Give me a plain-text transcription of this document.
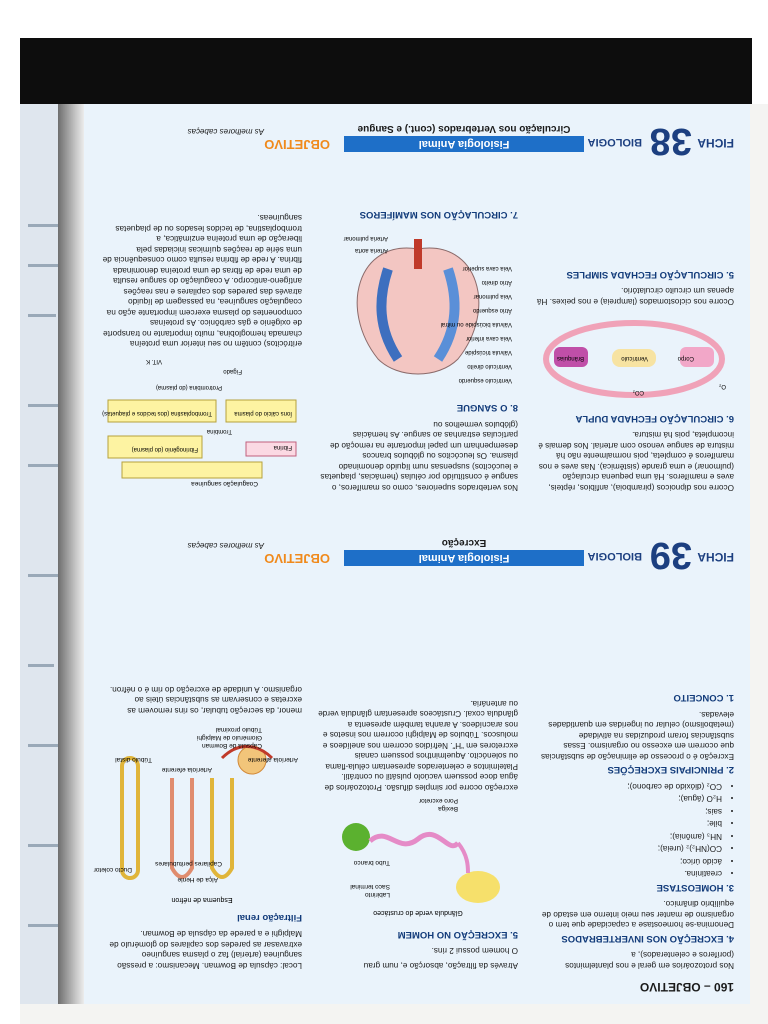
160 – OBJETIVO

Nos protozoários em geral e nos plantelmintos (poríferos e celenterados), a

4. EXCREÇÃO NOS INVERTEBRADOS

Denomina-se homeostase a capacidade que tem o organismo de manter seu meio interno em estado de equilíbrio dinâmico.

3. HOMEOSTASE
• creatinina.
• ácido úrico;
• CO(NH₂)₂ (ureia);
• NH₃ (amônia);
• bile;
• sais;
• H₂O (água);
• CO₂ (dióxido de carbono);
2. PRINCIPAIS EXCREÇÕES

Excreção é o processo de eliminação de substâncias que ocorrem em excesso no organismo. Essas substâncias foram produzidas na atividade (metabolismo) celular ou ingeridas em quantidades elevadas.

1. CONCEITO

Através da filtração, absorção e, num grau

O homem possui 2 rins.

5. EXCREÇÃO NO HOMEM
Glândula verde do crustáceo
Labirinto
Saco terminal
Tubo branco
Bexiga
Poro excretor

excreção ocorre por simples difusão. Protozoários de água doce possuem vacúolo pulsátil ou contrátil. Platelmintos e celenterados apresentam célula-flama ou solenócito. Aquelminthos possuem canais excretores em “H”. Nefrídios ocorrem nos anelídeos e moluscos. Túbulos de Malpighi ocorrem nos insetos e nos aracnídeos. A aranha também apresenta a glândula coxal. Crustáceos apresentam glândula verde ou antenária.

Local: cápsula de Bowman. Mecanismo: a pressão sanguínea (arterial) faz o plasma sanguíneo extravasar as paredes dos capilares do glomérulo de Malpighi e a parede da cápsula de Bowman.

Filtração renal
Esquema de néfron
Alça de Henle
Capilares peritubulares
Ducto coletor
Arteríola aferente
Arteríola eferente
Cápsula de Bowman
Glomérulo de Malpighi
Túbulo proximal
Túbulo distal

menor, da secreção tubular, os rins removem as excretas e conservam as substâncias úteis ao organismo. A unidade de excreção do rim é o néfron.

FICHA
39
BIOLOGIA
Fisiologia Animal
OBJETIVO
As melhores cabeças	Excreção

Ocorre nos dipnoicos (piramboia), anfíbios, répteis, aves e mamíferos. Há uma pequena circulação (pulmonar) e uma grande (sistêmica). Nas aves e nos mamíferos é completa, pois normalmente não há mistura de sangue venoso com arterial. Nos demais é incompleta, pois há mistura.

6. CIRCULAÇÃO FECHADA DUPLA
Corpo
Brânquias	Ventrículo
CO₂
O₂

Ocorre nos ciclostomados (lampreia) e nos peixes. Há apenas um circuito circulatório.

5. CIRCULAÇÃO FECHADA SIMPLES

Nos vertebrados superiores, como os mamíferos, o sangue é constituído por células (hemácias, plaquetas e leucócitos) suspensas num líquido denominado plasma. Os leucócitos ou glóbulos brancos desempenham um papel importante na remoção de partículas estranhas ao sangue. As hemácias (glóbulos vermelhos ou

8. O SANGUE
Ventrículo esquerdo
Ventrículo direito
Válvula tricúspide
Veia cava inferior
Válvula bicúspide ou mitral
Átrio esquerdo
Veia pulmonar
Átrio direito
Veia cava superior
Arteria aorta
Arteria pulmonar
7. CIRCULAÇÃO NOS MAMÍFEROS
Coagulação sanguínea
Fibrina
Fibrinogênio (do plasma)
Trombina
Íons cálcio do plasma
Tromboplastina (dos tecidos e plaquetas)
Protrombina (do plasma)
Fígado
VIT. K

eritrócitos) contêm no seu interior uma proteína chamada hemoglobina, muito importante no transporte de oxigênio e gás carbônico. As proteínas componentes do plasma exercem importante ação na coagulação sanguínea, na passagem de líquido através das paredes dos capilares e nas reações antígeno-anticorpo. A coagulação do sangue resulta de uma rede de fibras de uma proteína denominada fibrina. A rede de fibrina resulta como consequência de uma série de reações químicas iniciadas pela liberação de uma proteína enzimática, a tromboplastina, de tecidos lesados ou de plaquetas sanguíneas.

FICHA
38
BIOLOGIA
Fisiologia Animal
OBJETIVO
As melhores cabeças	Circulação nos Vertebrados (cont.) e Sangue
